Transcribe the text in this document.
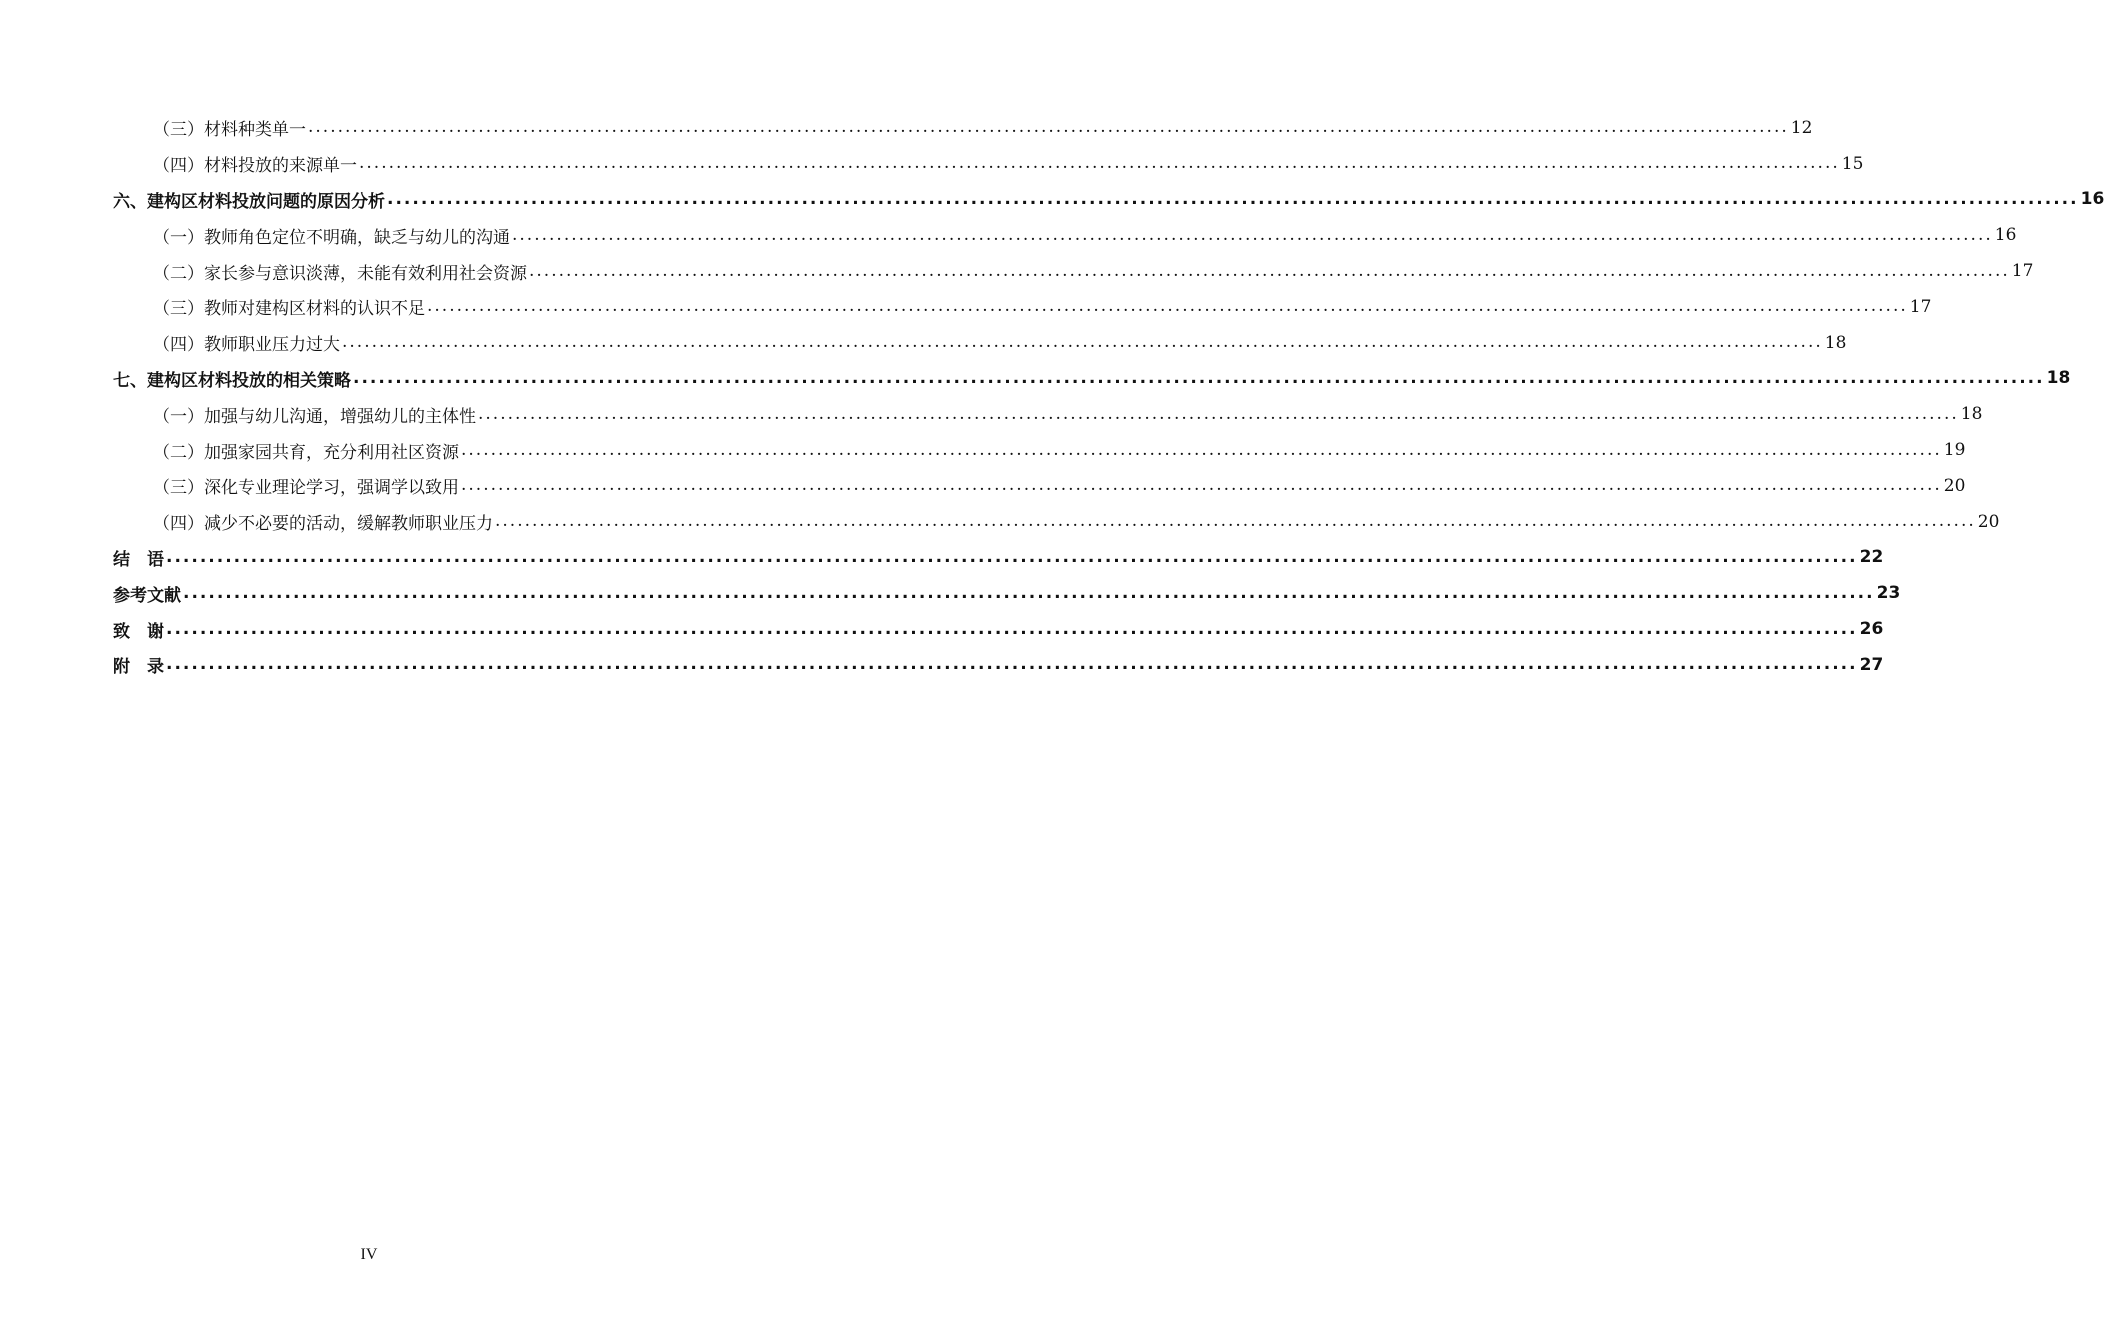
（三）材料种类单一 ........................................................................................................................................................................................................ 12
（四）材料投放的来源单一 ........................................................................................................................................................................................................ 15
六、建构区材料投放问题的原因分析 ........................................................................................................................................................................................................ 16
（一）教师角色定位不明确，缺乏与幼儿的沟通 ........................................................................................................................................................................................................ 16
（二）家长参与意识淡薄，未能有效利用社会资源 ........................................................................................................................................................................................................ 17
（三）教师对建构区材料的认识不足 ........................................................................................................................................................................................................ 17
（四）教师职业压力过大 ........................................................................................................................................................................................................ 18
七、建构区材料投放的相关策略 ........................................................................................................................................................................................................ 18
（一）加强与幼儿沟通，增强幼儿的主体性 ........................................................................................................................................................................................................ 18
（二）加强家园共育，充分利用社区资源 ........................................................................................................................................................................................................ 19
（三）深化专业理论学习，强调学以致用 ........................................................................................................................................................................................................ 20
（四）减少不必要的活动，缓解教师职业压力 ........................................................................................................................................................................................................ 20
结　语 ........................................................................................................................................................................................................ 22
参考文献 ........................................................................................................................................................................................................ 23
致　谢 ........................................................................................................................................................................................................ 26
附　录 ........................................................................................................................................................................................................ 27
IV
